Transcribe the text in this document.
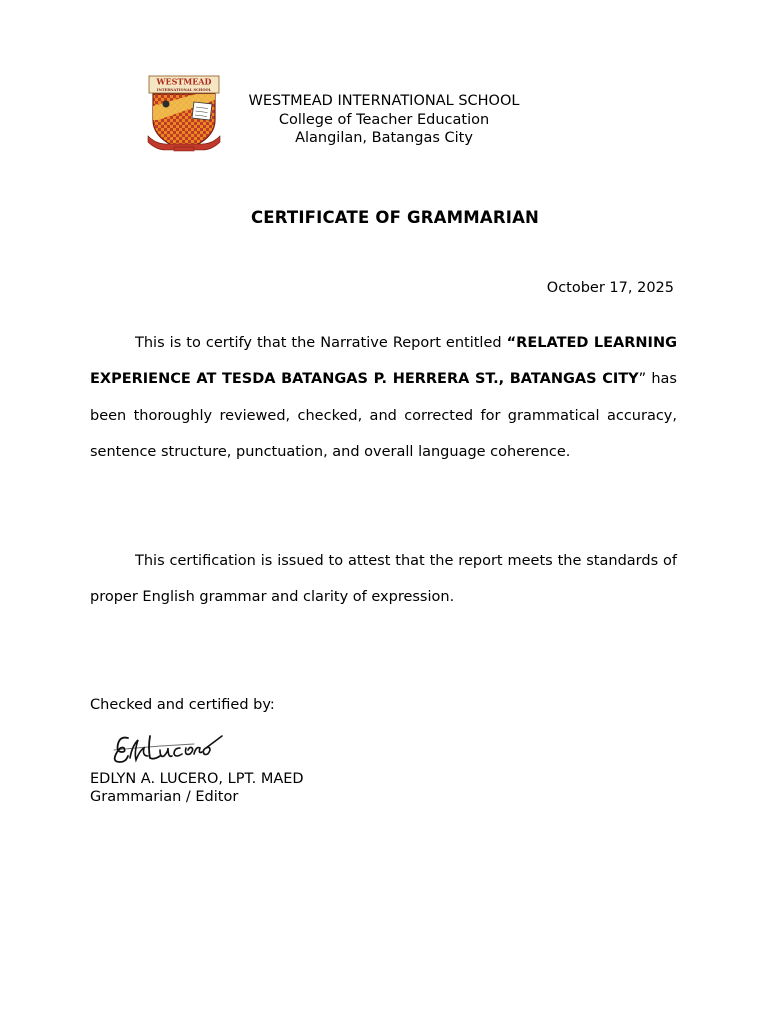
WESTMEAD
INTERNATIONAL SCHOOL
WESTMEAD INTERNATIONAL SCHOOL
College of Teacher Education
Alangilan, Batangas City
CERTIFICATE OF GRAMMARIAN
October 17, 2025
This is to certify that the Narrative Report entitled “RELATED LEARNING EXPERIENCE AT TESDA BATANGAS P. HERRERA ST., BATANGAS CITY” has been thoroughly reviewed, checked, and corrected for grammatical accuracy, sentence structure, punctuation, and overall language coherence.
This certification is issued to attest that the report meets the standards of proper English grammar and clarity of expression.
Checked and certified by:
EDLYN A. LUCERO, LPT. MAED
Grammarian / Editor
